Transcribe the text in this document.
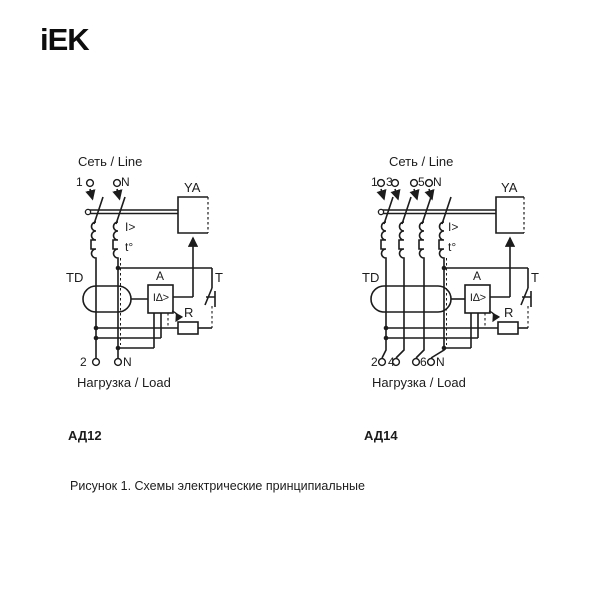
iEK
Сеть / Line
1	N	YA
I>
t°
TD	A
I∆>
T
R
2	N
Нагрузка / Load
АД12
Сеть / Line
1 3 5 N	YA
I>
t°
TD	A
I∆>
T
R
2 4 6 N
Нагрузка / Load
АД14
Рисунок 1. Схемы электрические принципиальные
